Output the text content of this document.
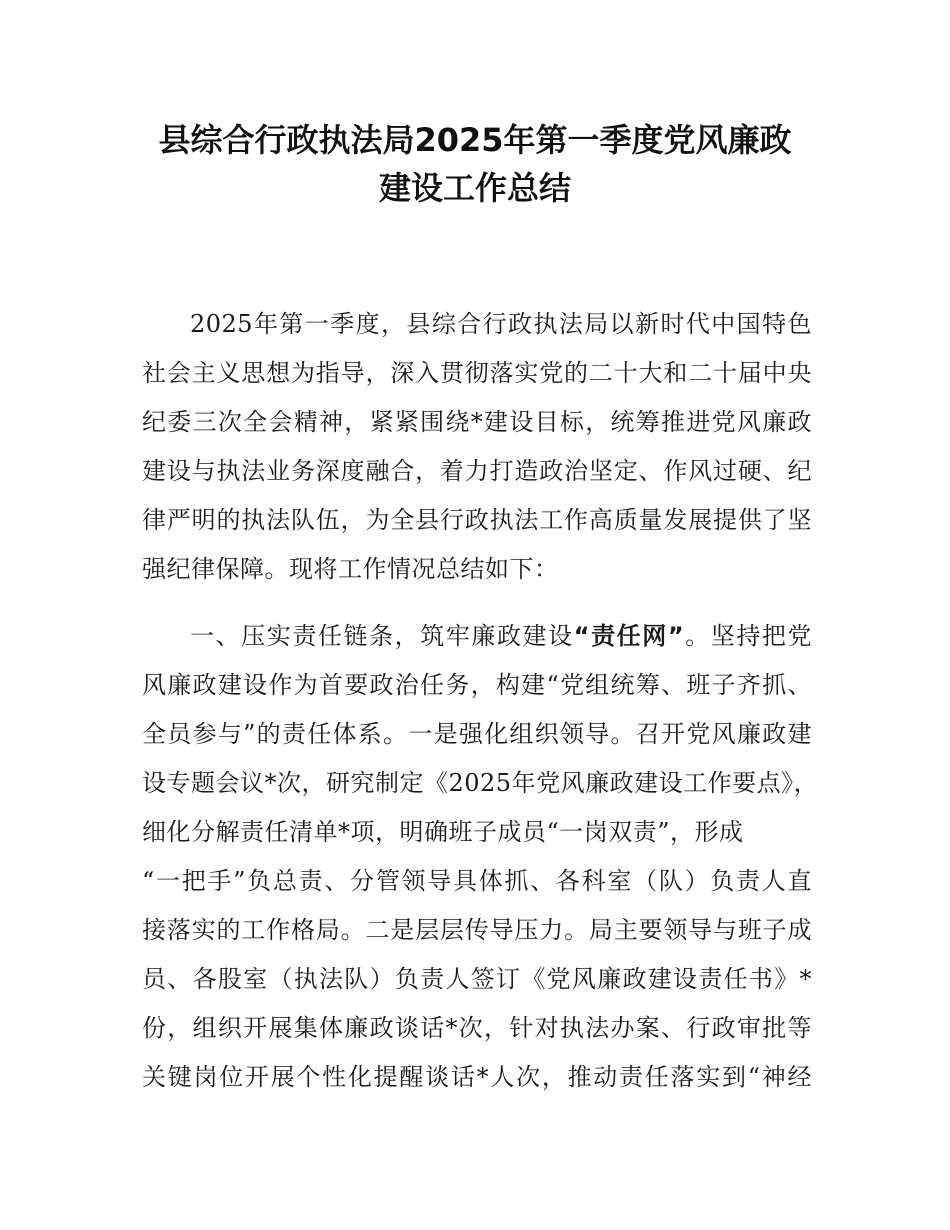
县综合行政执法局2025年第一季度党风廉政
建设工作总结
2025年第一季度，县综合行政执法局以新时代中国特色
社会主义思想为指导，深入贯彻落实党的二十大和二十届中央
纪委三次全会精神，紧紧围绕*建设目标，统筹推进党风廉政
建设与执法业务深度融合，着力打造政治坚定、作风过硬、纪
律严明的执法队伍，为全县行政执法工作高质量发展提供了坚
强纪律保障。现将工作情况总结如下：
一、压实责任链条，筑牢廉政建设“责任网”。坚持把党
风廉政建设作为首要政治任务，构建“党组统筹、班子齐抓、
全员参与”的责任体系。一是强化组织领导。召开党风廉政建
设专题会议*次，研究制定《2025年党风廉政建设工作要点》，
细化分解责任清单*项，明确班子成员“一岗双责”，形成
“一把手”负总责、分管领导具体抓、各科室（队）负责人直
接落实的工作格局。二是层层传导压力。局主要领导与班子成
员、各股室（执法队）负责人签订《党风廉政建设责任书》*
份，组织开展集体廉政谈话*次，针对执法办案、行政审批等
关键岗位开展个性化提醒谈话*人次，推动责任落实到“神经
